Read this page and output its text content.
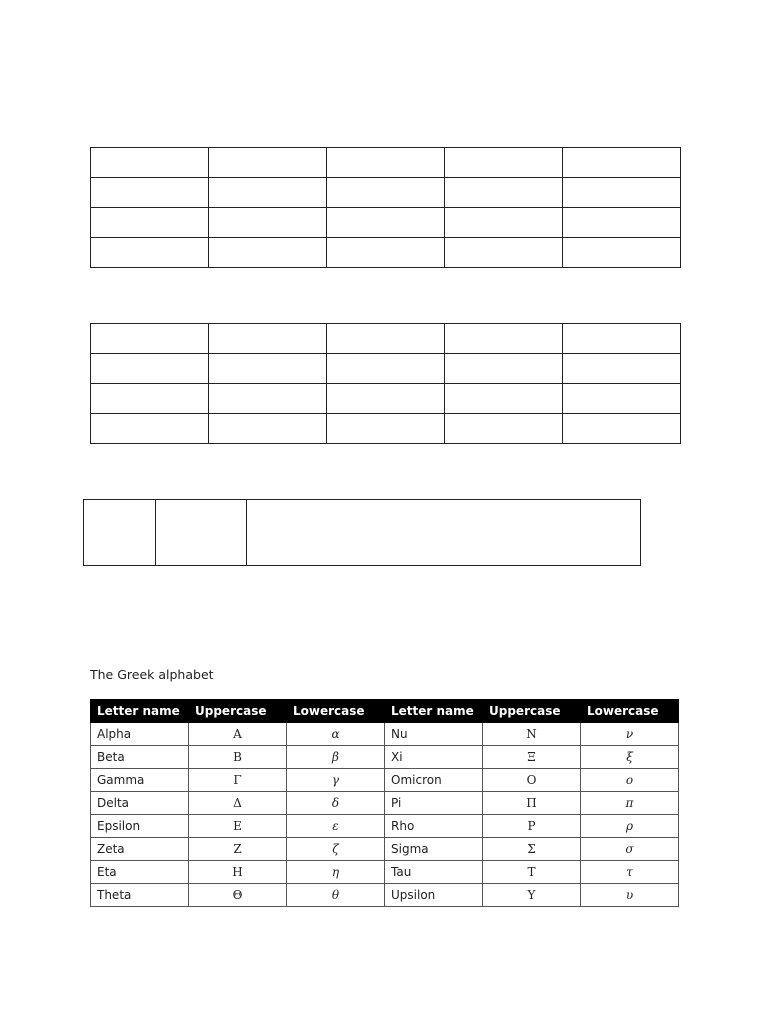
The Greek alphabet
Letter name	Uppercase	Lowercase	Letter name	Uppercase	Lowercase
Alpha	Α	α	Nu	Ν	ν
Beta	Β	β	Xi	Ξ	ξ
Gamma	Γ	γ	Omicron	Ο	ο
Delta	Δ	δ	Pi	Π	π
Epsilon	Ε	ε	Rho	Ρ	ρ
Zeta	Ζ	ζ	Sigma	Σ	σ
Eta	Η	η	Tau	Τ	τ
Theta	Θ	θ	Upsilon	Υ	υ
